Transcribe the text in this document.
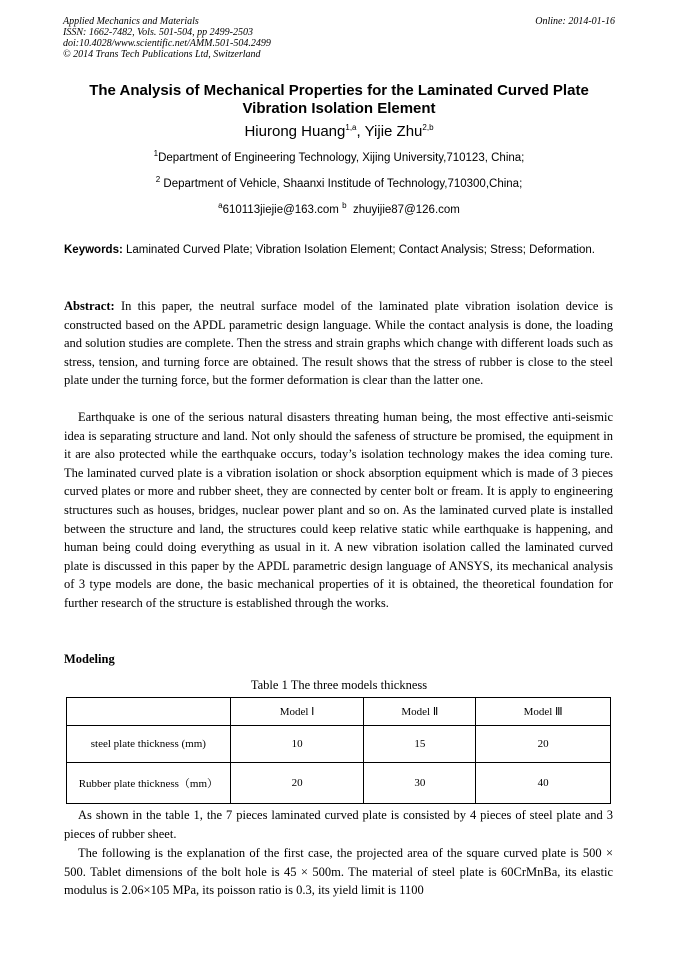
Applied Mechanics and Materials
ISSN: 1662-7482, Vols. 501-504, pp 2499-2503
doi:10.4028/www.scientific.net/AMM.501-504.2499
© 2014 Trans Tech Publications Ltd, Switzerland
Online: 2014-01-16
The Analysis of Mechanical Properties for the Laminated Curved Plate
Vibration Isolation Element
Hiurong Huang$^{1,a}$, Yijie Zhu$^{2,b}$
$^1$Department of Engineering Technology, Xijing University,710123, China;
$^2$ Department of Vehicle, Shaanxi Institude of Technology,710300,China;
$^a$610113jiejie@163.com $^b$ zhuyijie87@126.com
Keywords: Laminated Curved Plate; Vibration Isolation Element; Contact Analysis; Stress; Deformation.
Abstract: In this paper, the neutral surface model of the laminated plate vibration isolation device is constructed based on the APDL parametric design language. While the contact analysis is done, the loading and solution studies are complete. Then the stress and strain graphs which change with different loads such as stress, tension, and turning force are obtained. The result shows that the stress of rubber is close to the steel plate under the turning force, but the former deformation is clear than the latter one.
Earthquake is one of the serious natural disasters threating human being, the most effective anti-seismic idea is separating structure and land. Not only should the safeness of structure be promised, the equipment in it are also protected while the earthquake occurs, today’s isolation technology makes the idea coming ture. The laminated curved plate is a vibration isolation or shock absorption equipment which is made of 3 pieces curved plates or more and rubber sheet, they are connected by center bolt or fream. It is apply to engineering structures such as houses, bridges, nuclear power plant and so on. As the laminated curved plate is installed between the structure and land, the structures could keep relative static while earthquake is happening, and human being could doing everything as usual in it. A new vibration isolation called the laminated curved plate is discussed in this paper by the APDL parametric design language of ANSYS, its mechanical analysis of 3 type models are done, the basic mechanical properties of it is obtained, the theoretical foundation for further research of the structure is established through the works.
Modeling
Table 1 The three models thickness
	Model Ⅰ	Model Ⅱ	Model Ⅲ
steel plate thickness (mm)	10	15	20
Rubber plate thickness（mm）	20	30	40
As shown in the table 1, the 7 pieces laminated curved plate is consisted by 4 pieces of steel plate and 3 pieces of rubber sheet.
The following is the explanation of the first case, the projected area of the square curved plate is 500 × 500. Tablet dimensions of the bolt hole is 45 × 500m. The material of steel plate is 60CrMnBa, its elastic modulus is 2.06×105 MPa, its poisson ratio is 0.3, its yield limit is 1100
